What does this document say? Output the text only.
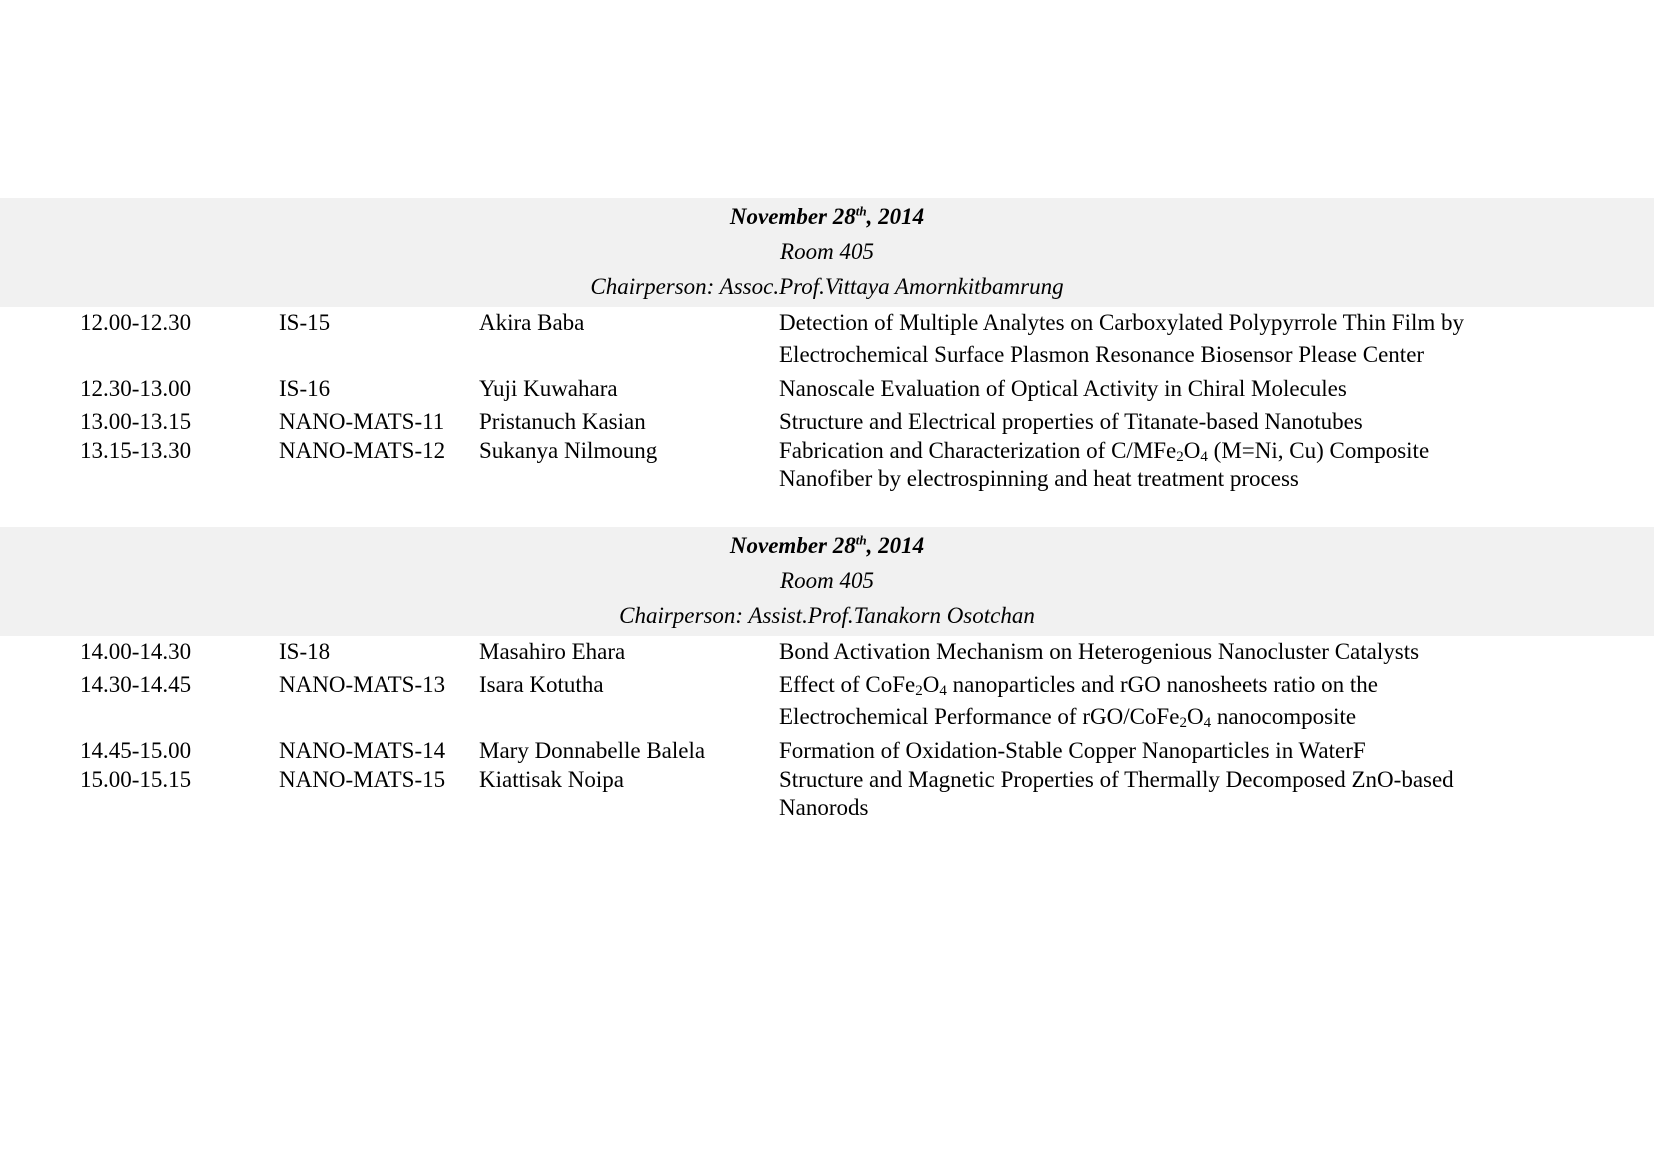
November 28th, 2014
Room 405
Chairperson: Assoc.Prof.Vittaya Amornkitbamrung
12.00-12.30	IS-15	Akira Baba	Detection of Multiple Analytes on Carboxylated Polypyrrole Thin Film by
Electrochemical Surface Plasmon Resonance Biosensor Please Center
12.30-13.00	IS-16	Yuji Kuwahara	Nanoscale Evaluation of Optical Activity in Chiral Molecules
13.00-13.15	NANO-MATS-11 Pristanuch Kasian	Structure and Electrical properties of Titanate-based Nanotubes
13.15-13.30	NANO-MATS-12 Sukanya Nilmoung	Fabrication and Characterization of $C/MFe_2O_4$ (M=Ni, Cu) Composite
Nanofiber by electrospinning and heat treatment process
November 28th, 2014
Room 405
Chairperson: Assist.Prof.Tanakorn Osotchan
14.00-14.30	IS-18	Masahiro Ehara	Bond Activation Mechanism on Heterogenious Nanocluster Catalysts
14.30-14.45	NANO-MATS-13 Isara Kotutha	Effect of $CoFe_2O_4$ nanoparticles and rGO nanosheets ratio on the
Electrochemical Performance of rGO/$CoFe_2O_4$ nanocomposite
14.45-15.00	NANO-MATS-14 Mary Donnabelle Balela	Formation of Oxidation-Stable Copper Nanoparticles in WaterF
15.00-15.15	NANO-MATS-15 Kiattisak Noipa	Structure and Magnetic Properties of Thermally Decomposed ZnO-based
Nanorods
